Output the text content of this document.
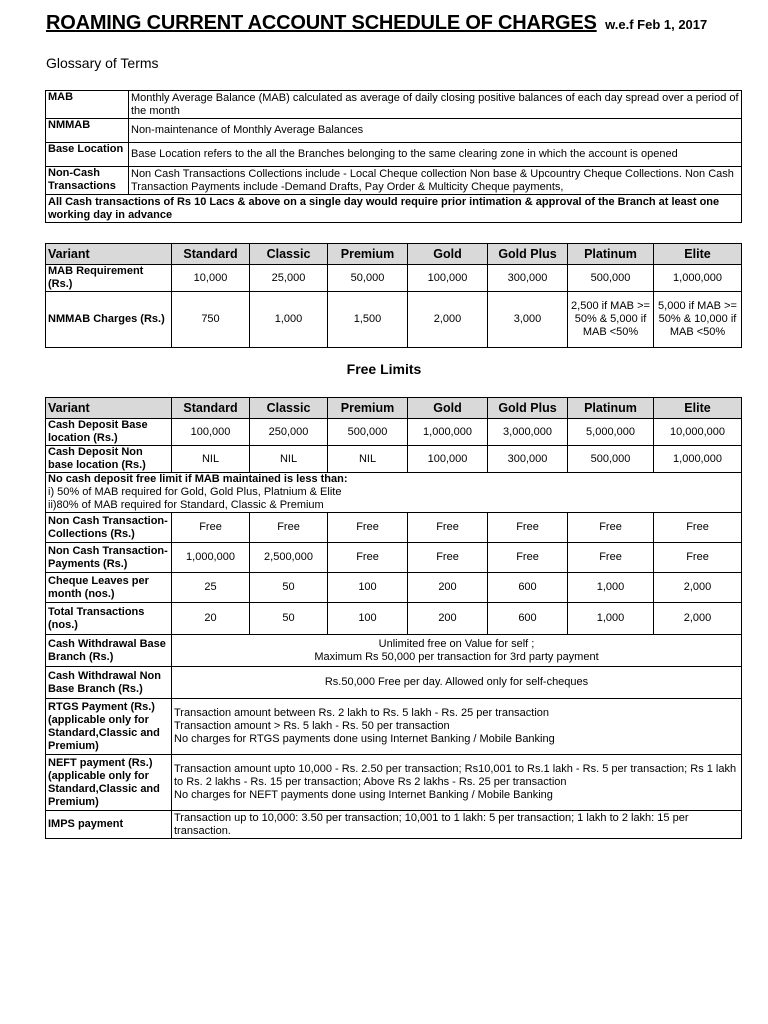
ROAMING CURRENT ACCOUNT SCHEDULE OF CHARGES w.e.f Feb 1, 2017
Glossary of Terms
MAB	Monthly Average Balance (MAB) calculated as average of daily closing positive balances of each day spread over a period of the month
NMMAB	Non-maintenance of Monthly Average Balances
Base Location	Base Location refers to the all the Branches belonging to the same clearing zone in which the account is opened
Non-Cash Transactions	Non Cash Transactions Collections include - Local Cheque collection Non base & Upcountry Cheque Collections. Non Cash Transaction Payments include -Demand Drafts, Pay Order & Multicity Cheque payments,
All Cash transactions of Rs 10 Lacs & above on a single day would require prior intimation & approval of the Branch at least one working day in advance	
Variant	Standard	Classic	Premium	Gold	Gold Plus	Platinum	Elite
MAB Requirement (Rs.)	10,000	25,000	50,000	100,000	300,000	500,000	1,000,000
NMMAB Charges (Rs.)	750	1,000	1,500	2,000	3,000	2,500 if MAB >= 50% & 5,000 if MAB <50%	5,000 if MAB >= 50% & 10,000 if MAB <50%
Free Limits
Variant	Standard	Classic	Premium	Gold	Gold Plus	Platinum	Elite
Cash Deposit Base location (Rs.)	100,000	250,000	500,000	1,000,000	3,000,000	5,000,000	10,000,000
Cash Deposit Non base location (Rs.)	NIL	NIL	NIL	100,000	300,000	500,000	1,000,000

No cash deposit free limit if MAB maintained is less than:
i) 50% of MAB required for Gold, Gold Plus, Platnium & Elite
ii)80% of MAB required for Standard, Classic & Premium							

Non Cash Transaction-Collections (Rs.)	Free	Free	Free	Free	Free	Free	Free
Non Cash Transaction-Payments (Rs.)	1,000,000	2,500,000	Free	Free	Free	Free	Free
Cheque Leaves per month (nos.)	25	50	100	200	600	1,000	2,000
Total Transactions (nos.)	20	50	100	200	600	1,000	2,000
Cash Withdrawal Base Branch (Rs.)	Unlimited free on Value for self ;
Maximum Rs 50,000 per transaction for 3rd party payment						

Cash Withdrawal Non Base Branch (Rs.)	Rs.50,000 Free per day. Allowed only for self-cheques						
RTGS Payment (Rs.) (applicable only for Standard,Classic and Premium)	Transaction amount between Rs. 2 lakh to Rs. 5 lakh - Rs. 25 per transaction
Transaction amount > Rs. 5 lakh - Rs. 50 per transaction
No charges for RTGS payments done using Internet Banking / Mobile Banking						

NEFT payment (Rs.) (applicable only for Standard,Classic and Premium)	Transaction amount upto 10,000 - Rs. 2.50 per transaction; Rs10,001 to Rs.1 lakh - Rs. 5 per transaction; Rs 1 lakh to Rs. 2 lakhs - Rs. 15 per transaction; Above Rs 2 lakhs - Rs. 25 per transaction
No charges for NEFT payments done using Internet Banking / Mobile Banking						

IMPS payment	Transaction up to 10,000: 3.50 per transaction; 10,001 to 1 lakh: 5 per transaction; 1 lakh to 2 lakh: 15 per transaction.						
